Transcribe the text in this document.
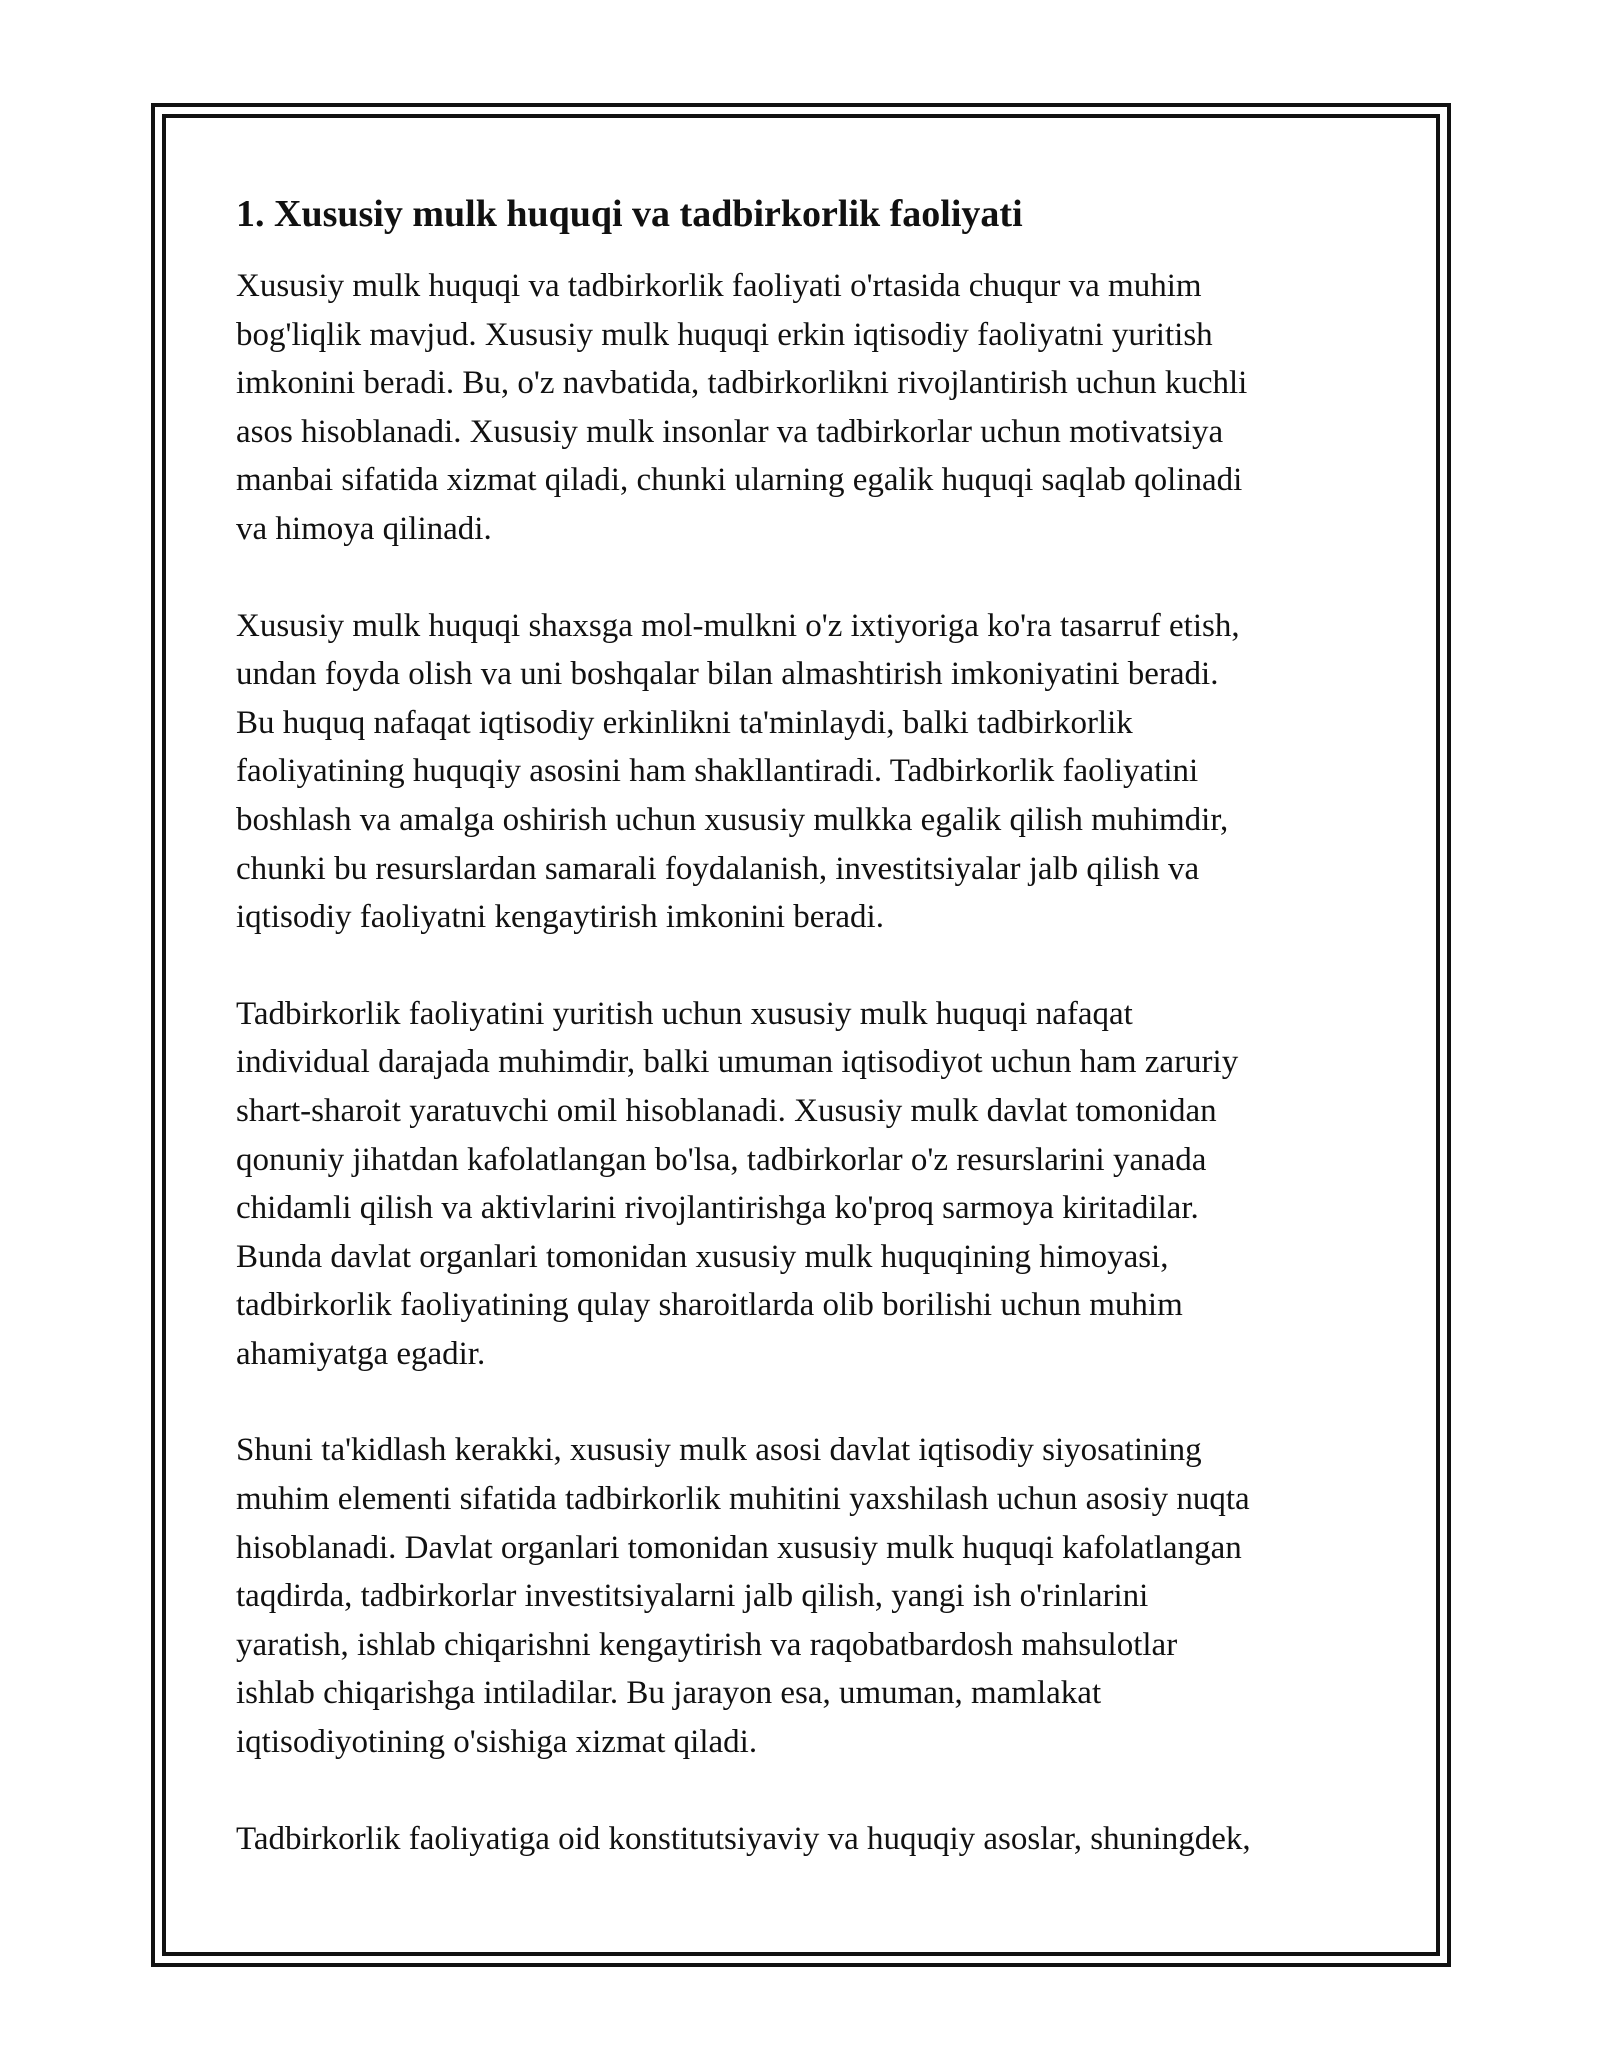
1. Xususiy mulk huquqi va tadbirkorlik faoliyati

Xususiy mulk huquqi va tadbirkorlik faoliyati o'rtasida chuqur va muhim
bog'liqlik mavjud. Xususiy mulk huquqi erkin iqtisodiy faoliyatni yuritish
imkonini beradi. Bu, o'z navbatida, tadbirkorlikni rivojlantirish uchun kuchli
asos hisoblanadi. Xususiy mulk insonlar va tadbirkorlar uchun motivatsiya
manbai sifatida xizmat qiladi, chunki ularning egalik huquqi saqlab qolinadi
va himoya qilinadi.

Xususiy mulk huquqi shaxsga mol-mulkni o'z ixtiyoriga ko'ra tasarruf etish,
undan foyda olish va uni boshqalar bilan almashtirish imkoniyatini beradi.
Bu huquq nafaqat iqtisodiy erkinlikni ta'minlaydi, balki tadbirkorlik
faoliyatining huquqiy asosini ham shakllantiradi. Tadbirkorlik faoliyatini
boshlash va amalga oshirish uchun xususiy mulkka egalik qilish muhimdir,
chunki bu resurslardan samarali foydalanish, investitsiyalar jalb qilish va
iqtisodiy faoliyatni kengaytirish imkonini beradi.

Tadbirkorlik faoliyatini yuritish uchun xususiy mulk huquqi nafaqat
individual darajada muhimdir, balki umuman iqtisodiyot uchun ham zaruriy
shart-sharoit yaratuvchi omil hisoblanadi. Xususiy mulk davlat tomonidan
qonuniy jihatdan kafolatlangan bo'lsa, tadbirkorlar o'z resurslarini yanada
chidamli qilish va aktivlarini rivojlantirishga ko'proq sarmoya kiritadilar.
Bunda davlat organlari tomonidan xususiy mulk huquqining himoyasi,
tadbirkorlik faoliyatining qulay sharoitlarda olib borilishi uchun muhim
ahamiyatga egadir.

Shuni ta'kidlash kerakki, xususiy mulk asosi davlat iqtisodiy siyosatining
muhim elementi sifatida tadbirkorlik muhitini yaxshilash uchun asosiy nuqta
hisoblanadi. Davlat organlari tomonidan xususiy mulk huquqi kafolatlangan
taqdirda, tadbirkorlar investitsiyalarni jalb qilish, yangi ish o'rinlarini
yaratish, ishlab chiqarishni kengaytirish va raqobatbardosh mahsulotlar
ishlab chiqarishga intiladilar. Bu jarayon esa, umuman, mamlakat
iqtisodiyotining o'sishiga xizmat qiladi.

Tadbirkorlik faoliyatiga oid konstitutsiyaviy va huquqiy asoslar, shuningdek,
